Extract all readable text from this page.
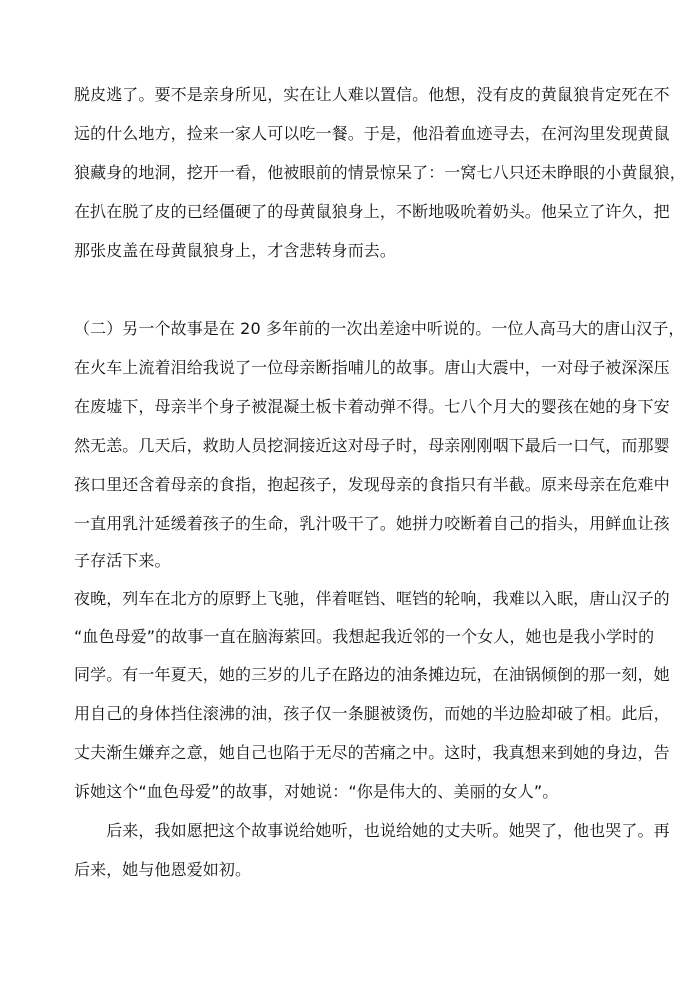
脱皮逃了。要不是亲身所见，实在让人难以置信。他想，没有皮的黄鼠狼肯定死在不
远的什么地方，捡来一家人可以吃一餐。于是，他沿着血迹寻去，在河沟里发现黄鼠
狼藏身的地洞，挖开一看，他被眼前的情景惊呆了：一窝七八只还未睁眼的小黄鼠狼，
在扒在脱了皮的已经僵硬了的母黄鼠狼身上，不断地吸吮着奶头。他呆立了许久，把
那张皮盖在母黄鼠狼身上，才含悲转身而去。
（二）另一个故事是在 20 多年前的一次出差途中听说的。一位人高马大的唐山汉子，
在火车上流着泪给我说了一位母亲断指哺儿的故事。唐山大震中，一对母子被深深压
在废墟下，母亲半个身子被混凝土板卡着动弹不得。七八个月大的婴孩在她的身下安
然无恙。几天后，救助人员挖洞接近这对母子时，母亲刚刚咽下最后一口气，而那婴
孩口里还含着母亲的食指，抱起孩子，发现母亲的食指只有半截。原来母亲在危难中
一直用乳汁延缓着孩子的生命，乳汁吸干了。她拼力咬断着自己的指头，用鲜血让孩
子存活下来。
夜晚，列车在北方的原野上飞驰，伴着哐铛、哐铛的轮响，我难以入眠，唐山汉子的
“血色母爱”的故事一直在脑海萦回。我想起我近邻的一个女人，她也是我小学时的
同学。有一年夏天，她的三岁的儿子在路边的油条摊边玩，在油锅倾倒的那一刻，她
用自己的身体挡住滚沸的油，孩子仅一条腿被烫伤，而她的半边脸却破了相。此后，
丈夫渐生嫌弃之意，她自己也陷于无尽的苦痛之中。这时，我真想来到她的身边，告
诉她这个“血色母爱”的故事，对她说：“你是伟大的、美丽的女人”。
　　后来，我如愿把这个故事说给她听，也说给她的丈夫听。她哭了，他也哭了。再
后来，她与他恩爱如初。
